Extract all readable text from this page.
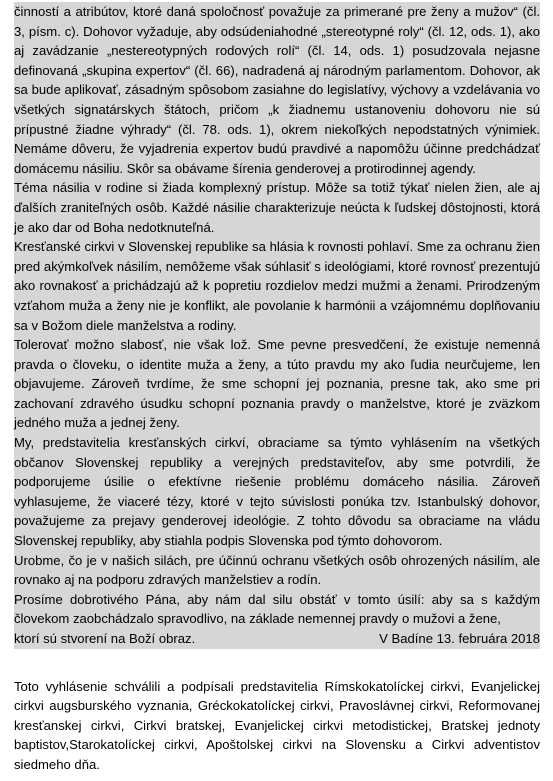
činností a atribútov, ktoré daná spoločnosť považuje za primerané pre ženy a mužov“ (čl. 3, písm. c). Dohovor vyžaduje, aby odsúdeniahodné „stereotypné roly“ (čl. 12, ods. 1), ako aj zavádzanie „nestereotypných rodových rolí“ (čl. 14, ods. 1) posudzovala nejasne definovaná „skupina expertov“ (čl. 66), nadradená aj národným parlamentom. Dohovor, ak sa bude aplikovať, zásadným spôsobom zasiahne do legislatívy, výchovy a vzdelávania vo všetkých signatárskych štátoch, pričom „k žiadnemu ustanoveniu dohovoru nie sú prípustné žiadne výhrady“ (čl. 78. ods. 1), okrem niekoľkých nepodstatných výnimiek. Nemáme dôveru, že vyjadrenia expertov budú pravdivé a napomôžu účinne predchádzať domácemu násiliu. Skôr sa obávame šírenia genderovej a protirodinnej agendy.

Téma násilia v rodine si žiada komplexný prístup. Môže sa totiž týkať nielen žien, ale aj ďalších zraniteľných osôb. Každé násilie charakterizuje neúcta k ľudskej dôstojnosti, ktorá je ako dar od Boha nedotknuteľná.

Kresťanské cirkvi v Slovenskej republike sa hlásia k rovnosti pohlaví. Sme za ochranu žien pred akýmkoľvek násilím, nemôžeme však súhlasiť s ideológiami, ktoré rovnosť prezentujú ako rovnakosť a prichádzajú až k popretiu rozdielov medzi mužmi a ženami. Prirodzeným vzťahom muža a ženy nie je konflikt, ale povolanie k harmónii a vzájomnému doplňovaniu sa v Božom diele manželstva a rodiny.

Tolerovať možno slabosť, nie však lož. Sme pevne presvedčení, že existuje nemenná pravda o človeku, o identite muža a ženy, a túto pravdu my ako ľudia neurčujeme, len objavujeme. Zároveň tvrdíme, že sme schopní jej poznania, presne tak, ako sme pri zachovaní zdravého úsudku schopní poznania pravdy o manželstve, ktoré je zväzkom jedného muža a jednej ženy.

My, predstavitelia kresťanských cirkví, obraciame sa týmto vyhlásením na všetkých občanov Slovenskej republiky a verejných predstaviteľov, aby sme potvrdili, že podporujeme úsilie o efektívne riešenie problému domáceho násilia. Zároveň vyhlasujeme, že viaceré tézy, ktoré v tejto súvislosti ponúka tzv. Istanbulský dohovor, považujeme za prejavy genderovej ideológie. Z tohto dôvodu sa obraciame na vládu Slovenskej republiky, aby stiahla podpis Slovenska pod týmto dohovorom.

Urobme, čo je v našich silách, pre účinnú ochranu všetkých osôb ohrozených násilím, ale rovnako aj na podporu zdravých manželstiev a rodín.

Prosíme dobrotivého Pána, aby nám dal silu obstáť v tomto úsilí: aby sa s každým človekom zaobchádzalo spravodlivo, na základe nemennej pravdy o mužovi a žene,

ktorí sú stvorení na Boží obraz.	V Badíne 13. februára 2018

Toto vyhlásenie schválili a podpísali predstavitelia Rímskokatolíckej cirkvi, Evanjelickej cirkvi augsburského vyznania, Gréckokatolíckej cirkvi, Pravoslávnej cirkvi, Reformovanej kresťanskej cirkvi, Cirkvi bratskej, Evanjelickej cirkvi metodistickej, Bratskej jednoty baptistov,Starokatolíckej cirkvi, Apoštolskej cirkvi na Slovensku a Cirkvi adventistov siedmeho dňa.
